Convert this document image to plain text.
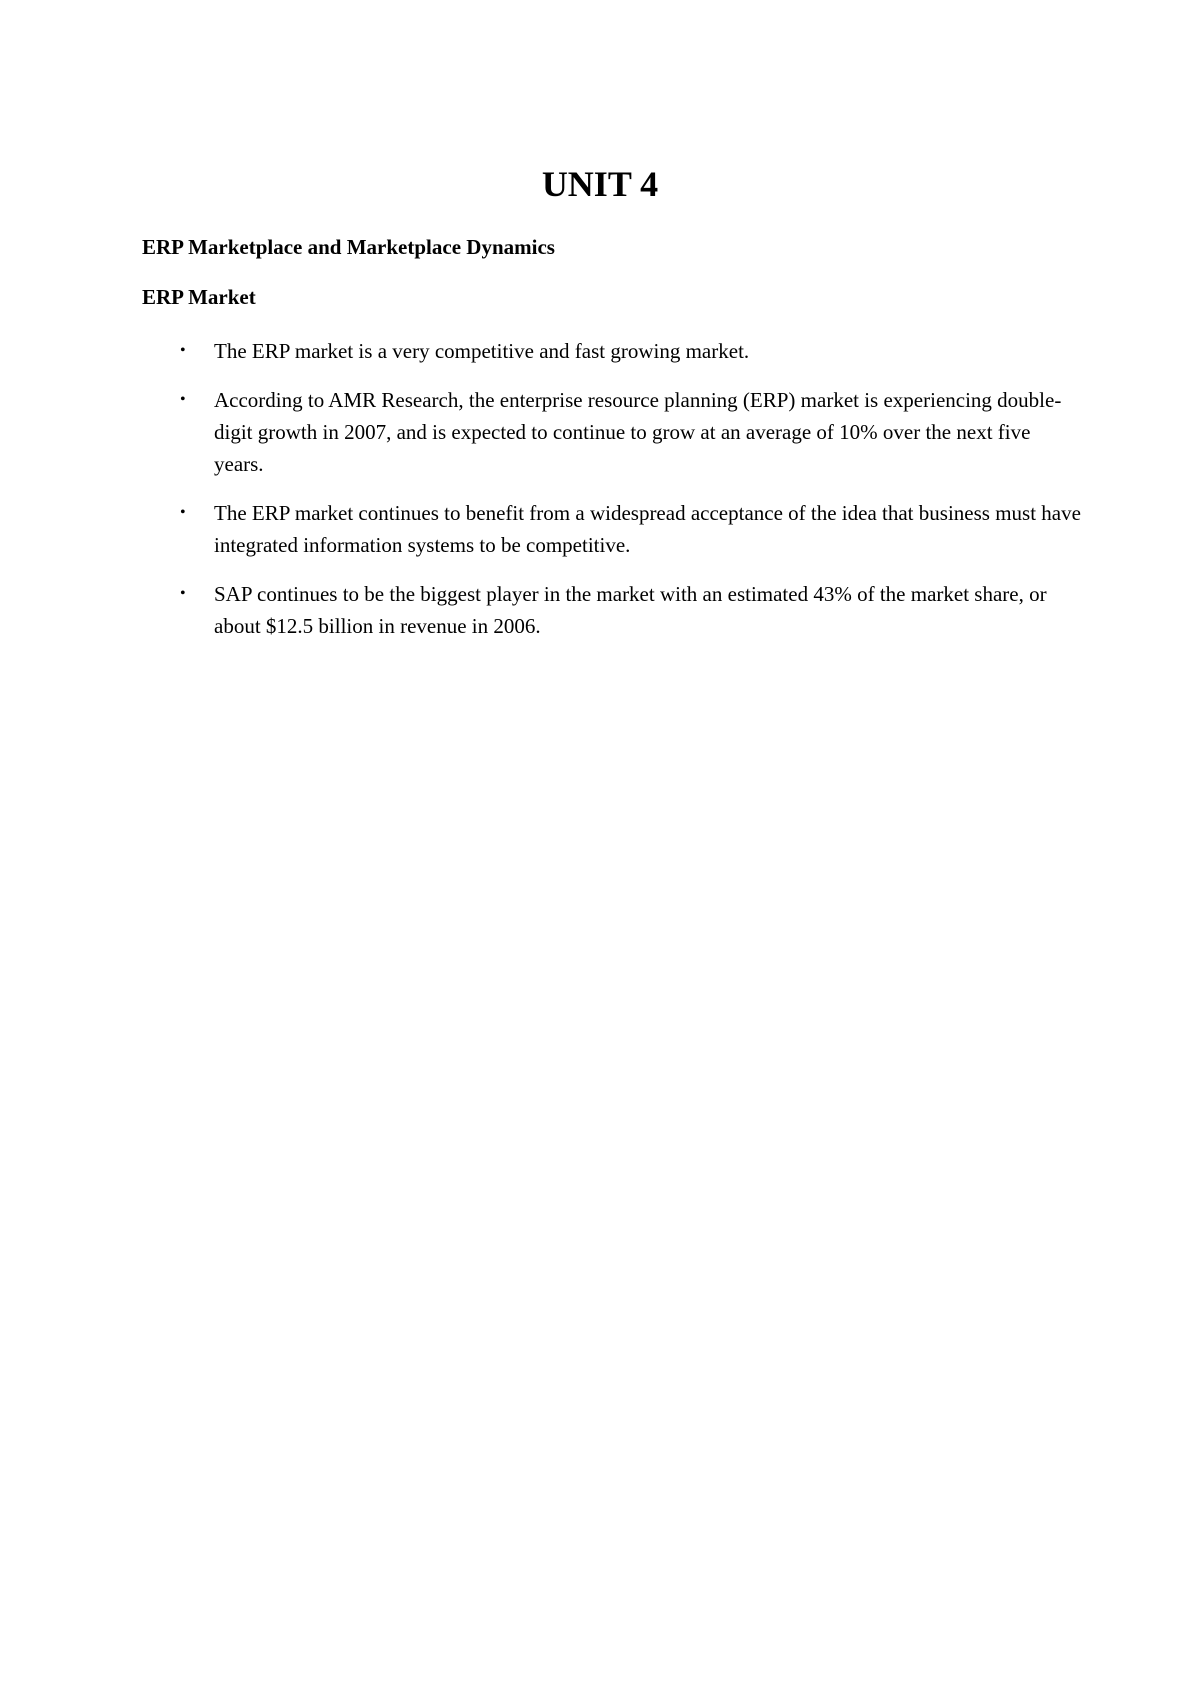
UNIT 4

ERP Marketplace and Marketplace Dynamics

ERP Market

• The ERP market is a very competitive and fast growing market.
• According to AMR Research, the enterprise resource planning (ERP) market is experiencing double-digit growth in 2007, and is expected to continue to grow at an average of 10% over the next five years.
• The ERP market continues to benefit from a widespread acceptance of the idea that business must have integrated information systems to be competitive.
• SAP continues to be the biggest player in the market with an estimated 43% of the market share, or about $12.5 billion in revenue in 2006.
